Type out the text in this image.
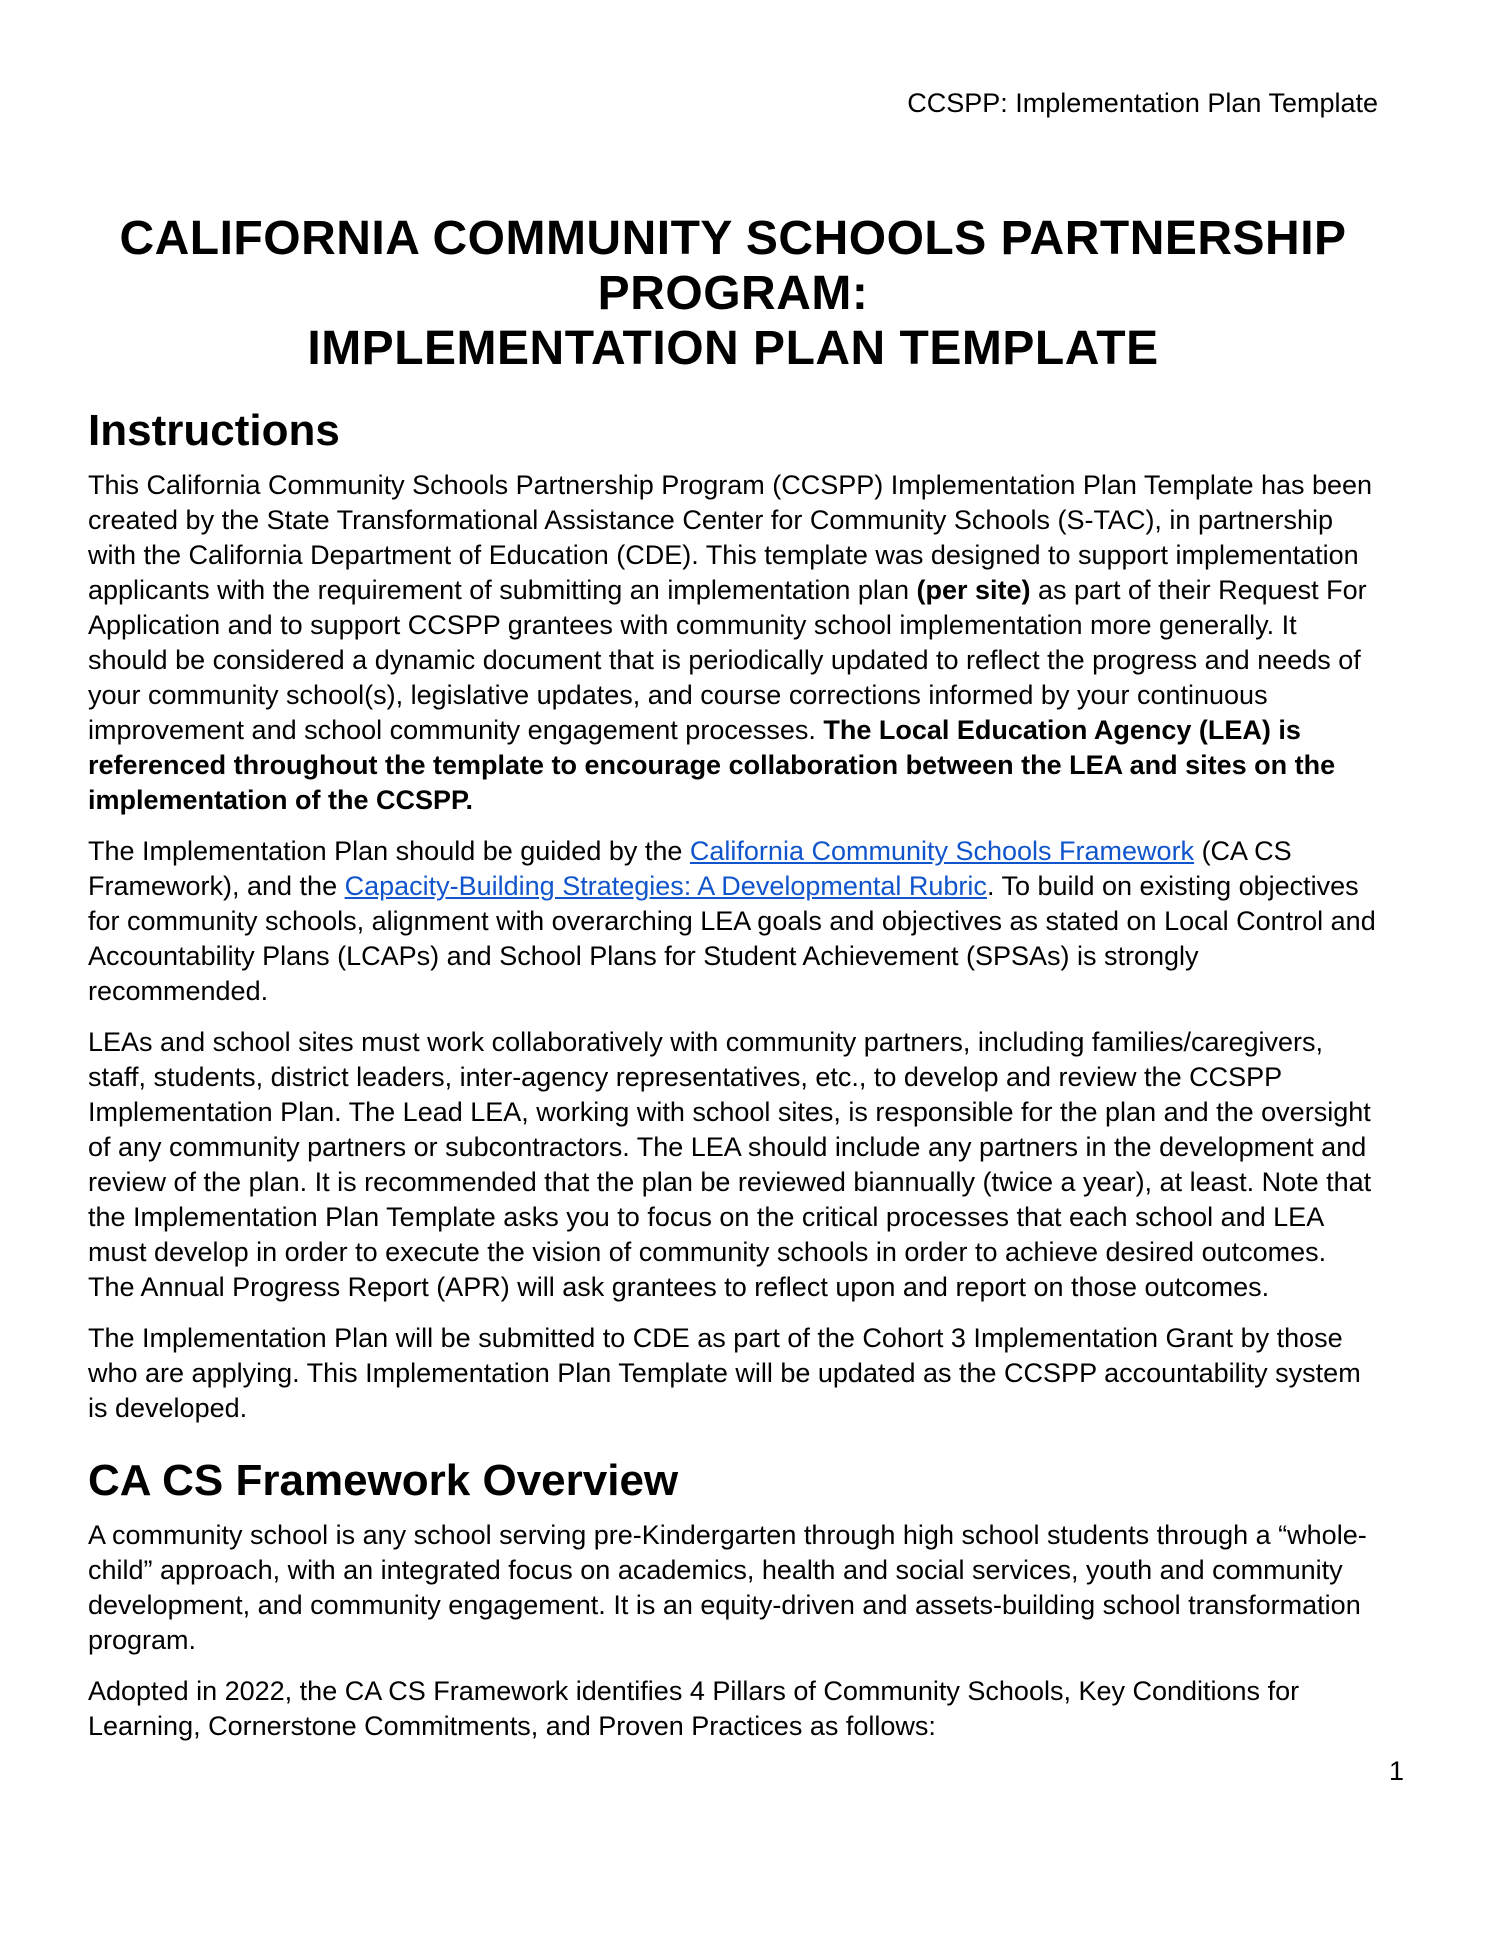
CCSPP: Implementation Plan Template
CALIFORNIA COMMUNITY SCHOOLS PARTNERSHIP
PROGRAM:
IMPLEMENTATION PLAN TEMPLATE
Instructions

This California Community Schools Partnership Program (CCSPP) Implementation Plan Template has been created by the State Transformational Assistance Center for Community Schools (S-TAC), in partnership with the California Department of Education (CDE). This template was designed to support implementation applicants with the requirement of submitting an implementation plan (per site) as part of their Request For Application and to support CCSPP grantees with community school implementation more generally. It should be considered a dynamic document that is periodically updated to reflect the progress and needs of your community school(s), legislative updates, and course corrections informed by your continuous improvement and school community engagement processes. The Local Education Agency (LEA) is referenced throughout the template to encourage collaboration between the LEA and sites on the implementation of the CCSPP.

The Implementation Plan should be guided by the California Community Schools Framework (CA CS Framework), and the Capacity-Building Strategies: A Developmental Rubric. To build on existing objectives for community schools, alignment with overarching LEA goals and objectives as stated on Local Control and Accountability Plans (LCAPs) and School Plans for Student Achievement (SPSAs) is strongly recommended.

LEAs and school sites must work collaboratively with community partners, including families/caregivers, staff, students, district leaders, inter-agency representatives, etc., to develop and review the CCSPP Implementation Plan. The Lead LEA, working with school sites, is responsible for the plan and the oversight of any community partners or subcontractors. The LEA should include any partners in the development and review of the plan. It is recommended that the plan be reviewed biannually (twice a year), at least. Note that the Implementation Plan Template asks you to focus on the critical processes that each school and LEA must develop in order to execute the vision of community schools in order to achieve desired outcomes. The Annual Progress Report (APR) will ask grantees to reflect upon and report on those outcomes.

The Implementation Plan will be submitted to CDE as part of the Cohort 3 Implementation Grant by those who are applying. This Implementation Plan Template will be updated as the CCSPP accountability system is developed.

CA CS Framework Overview

A community school is any school serving pre-Kindergarten through high school students through a “whole-child” approach, with an integrated focus on academics, health and social services, youth and community development, and community engagement. It is an equity-driven and assets-building school transformation program.

Adopted in 2022, the CA CS Framework identifies 4 Pillars of Community Schools, Key Conditions for Learning, Cornerstone Commitments, and Proven Practices as follows:

1
